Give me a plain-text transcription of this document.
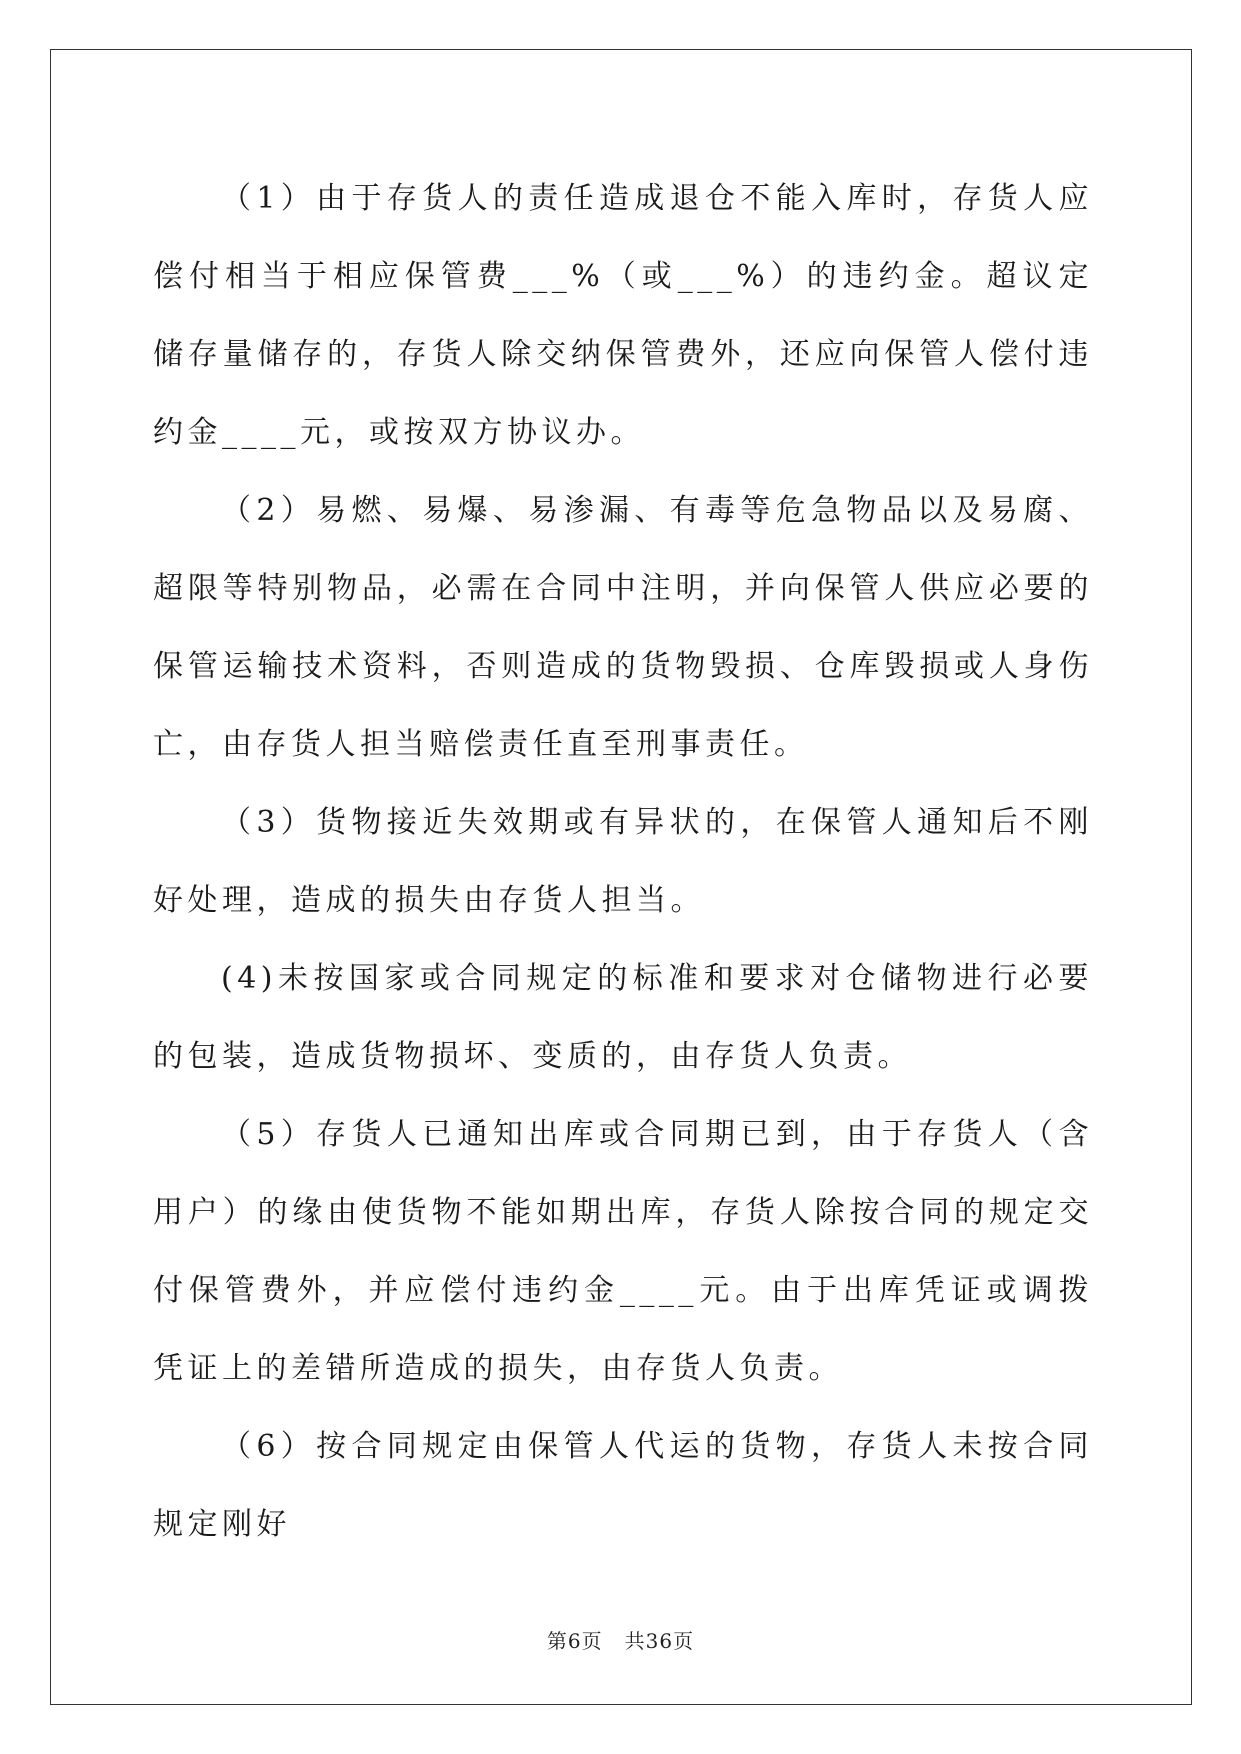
（1）由于存货人的责任造成退仓不能入库时，存货人应偿付相当于相应保管费___%（或___%）的违约金。超议定储存量储存的，存货人除交纳保管费外，还应向保管人偿付违约金____元，或按双方协议办。

（2）易燃、易爆、易渗漏、有毒等危急物品以及易腐、超限等特别物品，必需在合同中注明，并向保管人供应必要的保管运输技术资料，否则造成的货物毁损、仓库毁损或人身伤亡，由存货人担当赔偿责任直至刑事责任。

（3）货物接近失效期或有异状的，在保管人通知后不刚好处理，造成的损失由存货人担当。

(4)未按国家或合同规定的标准和要求对仓储物进行必要的包装，造成货物损坏、变质的，由存货人负责。

（5）存货人已通知出库或合同期已到，由于存货人（含用户）的缘由使货物不能如期出库，存货人除按合同的规定交付保管费外，并应偿付违约金____元。由于出库凭证或调拨凭证上的差错所造成的损失，由存货人负责。

（6）按合同规定由保管人代运的货物，存货人未按合同规定刚好

第6页 共36页
